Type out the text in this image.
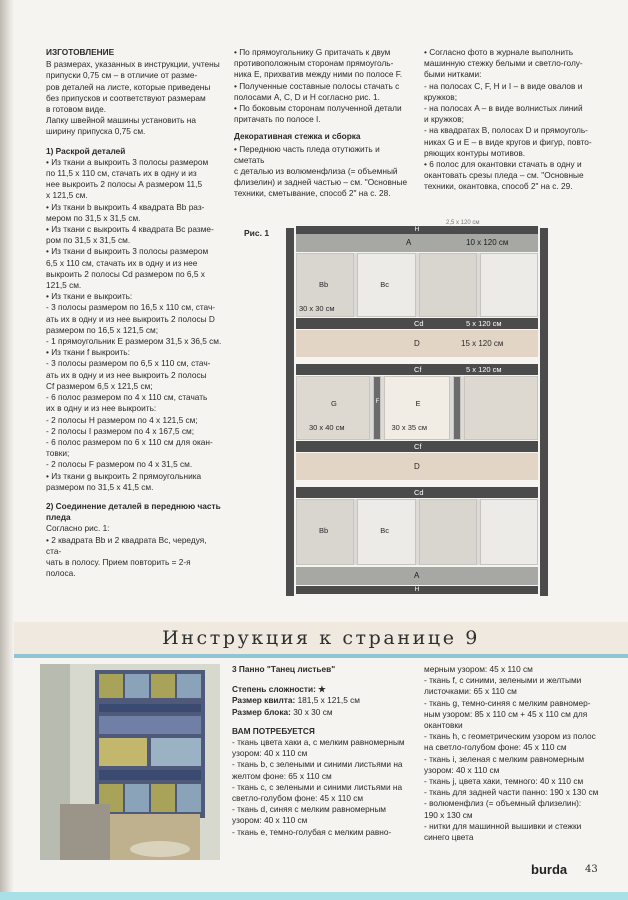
ИЗГОТОВЛЕНИЕ

В размерах, указанных в инструкции, учтены

припуски 0,75 см – в отличие от разме-

ров деталей на листе, которые приведены

без припусков и соответствуют размерам

в готовом виде.

Лапку швейной машины установить на

ширину припуска 0,75 см.

1) Раскрой деталей

• Из ткани a выкроить 3 полосы размером

по 11,5 х 110 см, стачать их в одну и из

нее выкроить 2 полосы А размером 11,5

х 121,5 см.

• Из ткани b выкроить 4 квадрата Bb раз-

мером по 31,5 х 31,5 см.

• Из ткани c выкроить 4 квадрата Bc разме-

ром по 31,5 х 31,5 см.

• Из ткани d выкроить 3 полосы размером

6,5 х 110 см, стачать их в одну и из нее

выкроить 2 полосы Cd размером по 6,5 х

121,5 см.

• Из ткани e выкроить:

- 3 полосы размером по 16,5 х 110 см, стач-

ать их в одну и из нее выкроить 2 полосы D

размером по 16,5 х 121,5 см;

- 1 прямоугольник E размером 31,5 х 36,5 см.

• Из ткани f выкроить:

- 3 полосы размером по 6,5 х 110 см, стач-

ать их в одну и из нее выкроить 2 полосы

Cf размером 6,5 х 121,5 см;

- 6 полос размером по 4 х 110 см, стачать

их в одну и из нее выкроить:

- 2 полосы H размером по 4 х 121,5 см;

- 2 полосы I размером по 4 х 167,5 см;

- 6 полос размером по 6 х 110 см для окан-

товки;

- 2 полосы F размером по 4 х 31,5 см.

• Из ткани g выкроить 2 прямоугольника

размером по 31,5 х 41,5 см.

2) Соединение деталей в переднюю часть

пледа

Согласно рис. 1:

• 2 квадрата Bb и 2 квадрата Bc, чередуя, ста-

чать в полосу. Прием повторить = 2-я полоса.

• По прямоугольнику G притачать к двум

противоположным сторонам прямоуголь-

ника E, прихватив между ними по полосе F.

• Полученные составные полосы стачать с

полосами A, C, D и H согласно рис. 1.

• По боковым сторонам полученной детали

притачать по полосе I.

Декоративная стежка и сборка

• Переднюю часть пледа отутюжить и сметать

с деталью из волюменфлиза (= объемный

флизелин) и задней частью – см. "Основные

техники, сметывание, способ 2" на с. 28.

• Согласно фото в журнале выполнить

машинную стежку белыми и светло-голу-

быми нитками:

- на полосах C, F, H и I – в виде овалов и

кружков;

- на полосах A – в виде волнистых линий

и кружков;

- на квадратах B, полосах D и прямоуголь-

никах G и E – в виде кругов и фигур, повто-

ряющих контуры мотивов.

• 6 полос для окантовки стачать в одну и

окантовать срезы пледа – см. "Основные

техники, окантовка, способ 2" на с. 29.

Рис. 1
2,5 х 120 см
H
A	10 х 120 см
Bb
30 х 30 см
Bc
Cd	5 х 120 см
D	15 х 120 см
Cf	5 х 120 см
G
30 х 40 см
F	E
30 х 35 см
Cf
D
Cd
Bb	Bc
A
H
Инструкция к странице 9

3 Панно "Танец листьев"

Степень сложности: ★

Размер квилта: 181,5 х 121,5 см

Размер блока: 30 х 30 см

ВАМ ПОТРЕБУЕТСЯ

- ткань цвета хаки a, с мелким равномерным

узором: 40 х 110 см

- ткань b, с зелеными и синими листьями на

желтом фоне: 65 х 110 см

- ткань c, с зелеными и синими листьями на

светло-голубом фоне: 45 х 110 см

- ткань d, синяя с мелким равномерным

узором: 40 х 110 см

- ткань e, темно-голубая с мелким равно-

мерным узором: 45 х 110 см

- ткань f, с синими, зелеными и желтыми

листочками: 65 х 110 см

- ткань g, темно-синяя с мелким равномер-

ным узором: 85 х 110 см + 45 х 110 см для

окантовки

- ткань h, с геометрическим узором из полос

на светло-голубом фоне: 45 х 110 см

- ткань i, зеленая с мелким равномерным

узором: 40 х 110 см

- ткань j, цвета хаки, темного: 40 х 110 см

- ткань для задней части панно: 190 х 130 см

- волюменфлиз (= объемный флизелин):

190 х 130 см

- нитки для машинной вышивки и стежки

синего цвета

burda 43
